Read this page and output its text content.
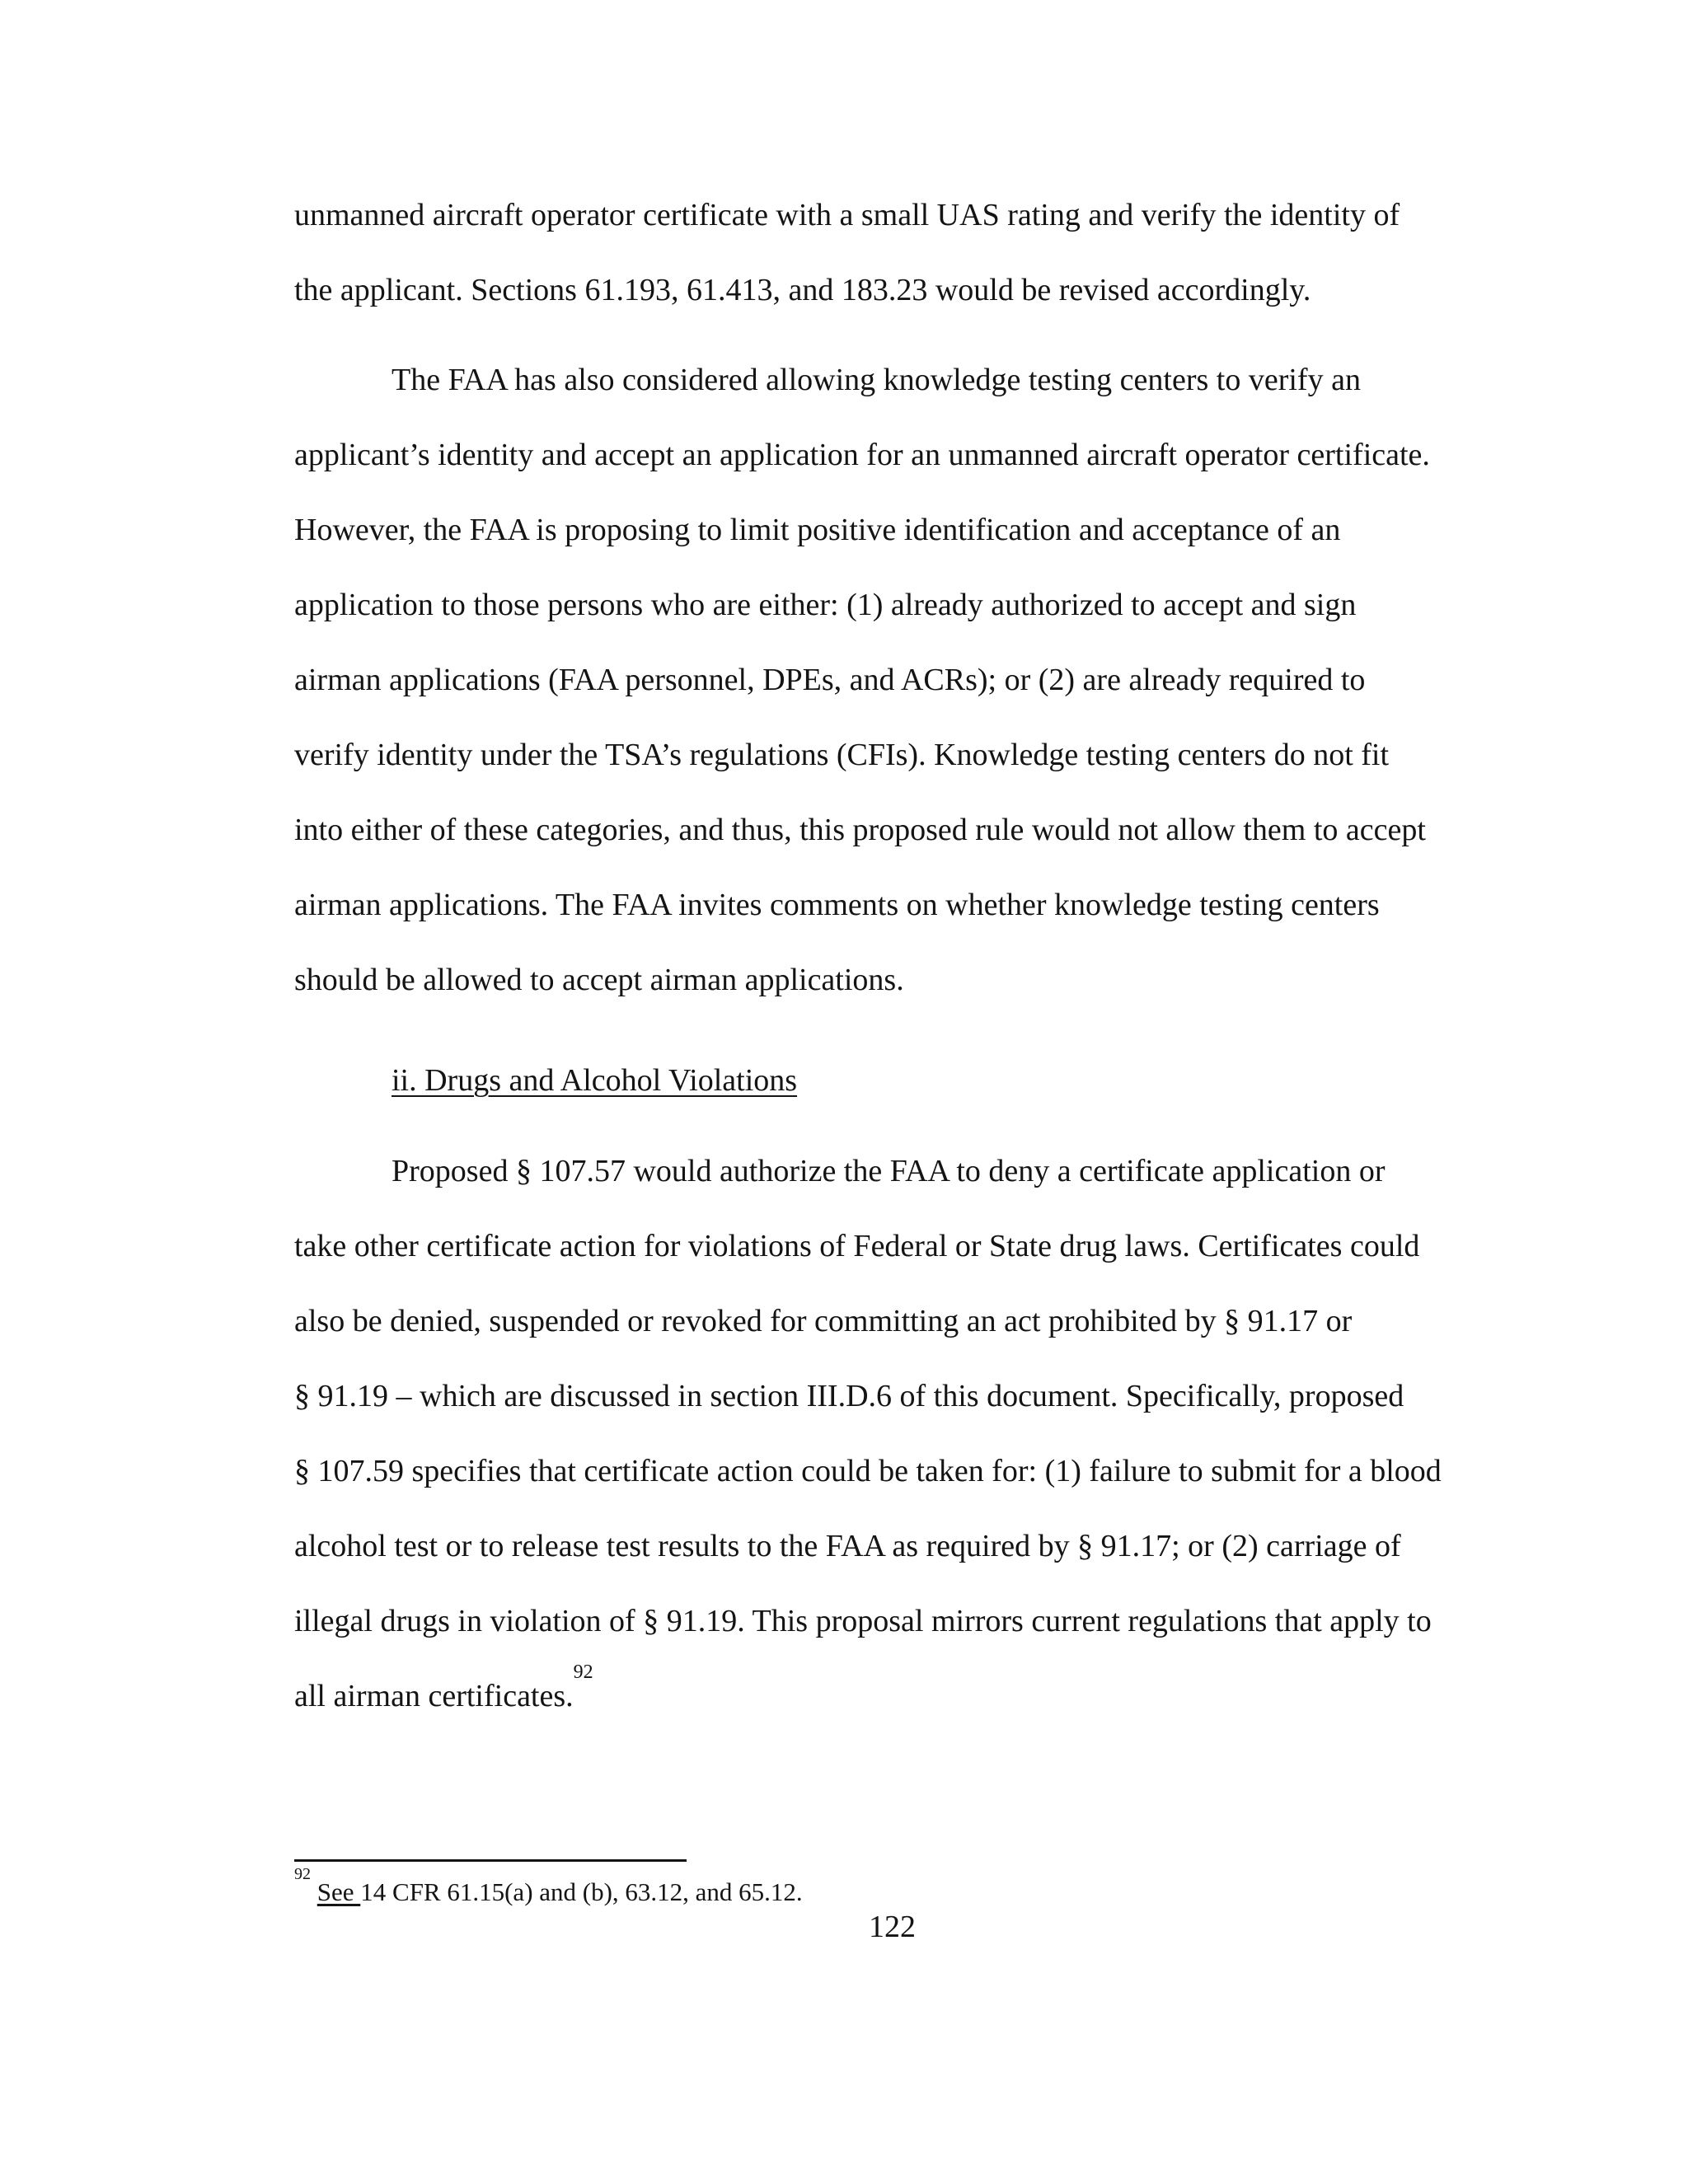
unmanned aircraft operator certificate with a small UAS rating and verify the identity of

the applicant. Sections 61.193, 61.413, and 183.23 would be revised accordingly.

The FAA has also considered allowing knowledge testing centers to verify an

applicant’s identity and accept an application for an unmanned aircraft operator certificate.

However, the FAA is proposing to limit positive identification and acceptance of an

application to those persons who are either: (1) already authorized to accept and sign

airman applications (FAA personnel, DPEs, and ACRs); or (2) are already required to

verify identity under the TSA’s regulations (CFIs). Knowledge testing centers do not fit

into either of these categories, and thus, this proposed rule would not allow them to accept

airman applications. The FAA invites comments on whether knowledge testing centers

should be allowed to accept airman applications.

ii. Drugs and Alcohol Violations

Proposed § 107.57 would authorize the FAA to deny a certificate application or

take other certificate action for violations of Federal or State drug laws. Certificates could

also be denied, suspended or revoked for committing an act prohibited by § 91.17 or

§ 91.19 – which are discussed in section III.D.6 of this document. Specifically, proposed

§ 107.59 specifies that certificate action could be taken for: (1) failure to submit for a blood

alcohol test or to release test results to the FAA as required by § 91.17; or (2) carriage of

illegal drugs in violation of § 91.19. This proposal mirrors current regulations that apply to

all airman certificates.$^{92}$

$^{92}$ See 14 CFR 61.15(a) and (b), 63.12, and 65.12.
122
